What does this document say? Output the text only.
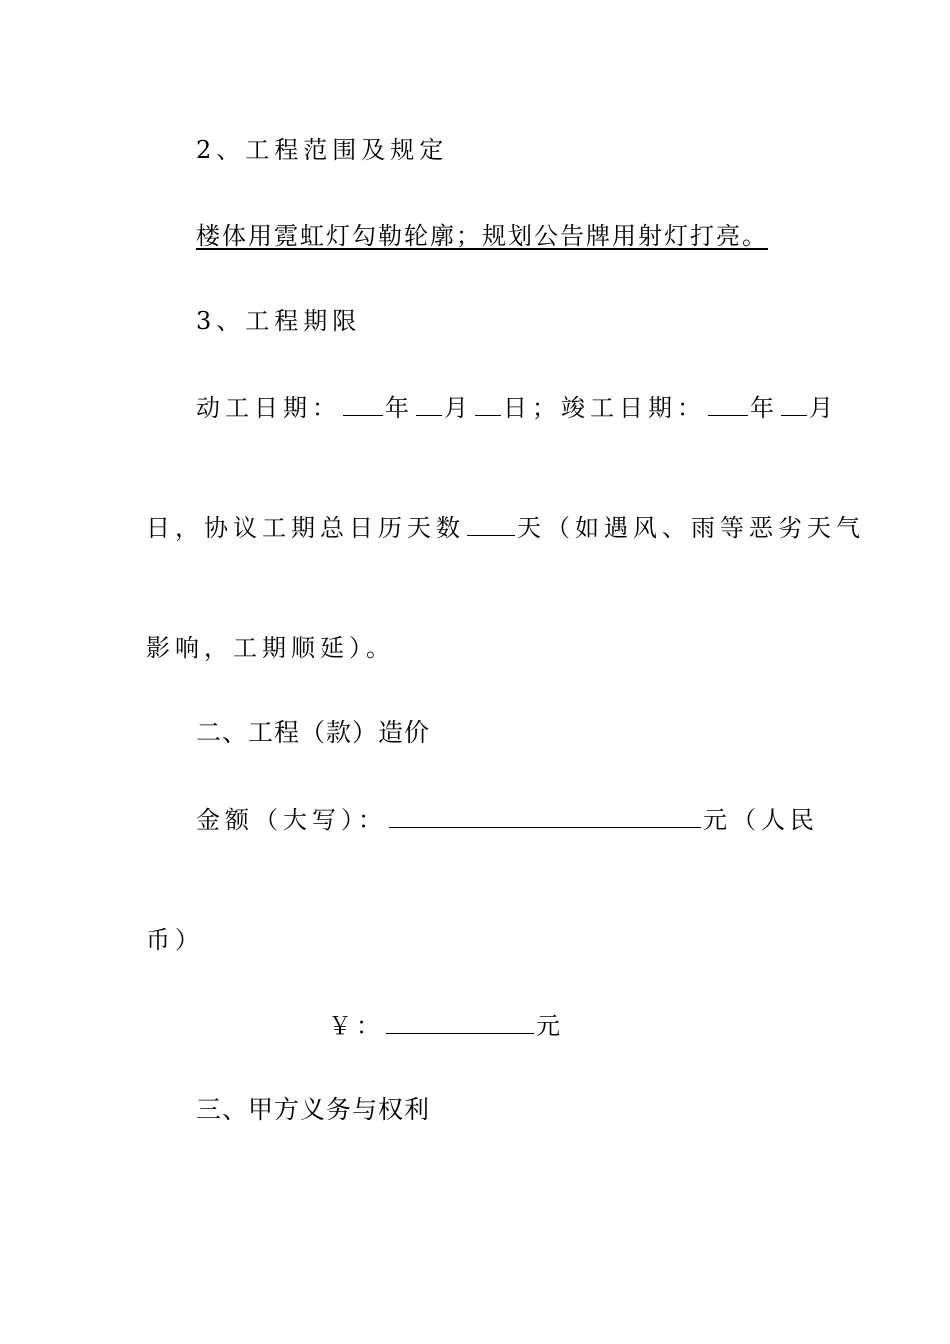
2、工程范围及规定
楼体用霓虹灯勾勒轮廓；规划公告牌用射灯打亮。
3、工程期限
动工日期： 年 月 日；竣工日期： 年 月
日，协议工期总日历天数 天（如遇风、雨等恶劣天气
影响，工期顺延）。
二、工程（款）造价
金额（大写）：	元（人民
币）
￥：	元
三、甲方义务与权利
